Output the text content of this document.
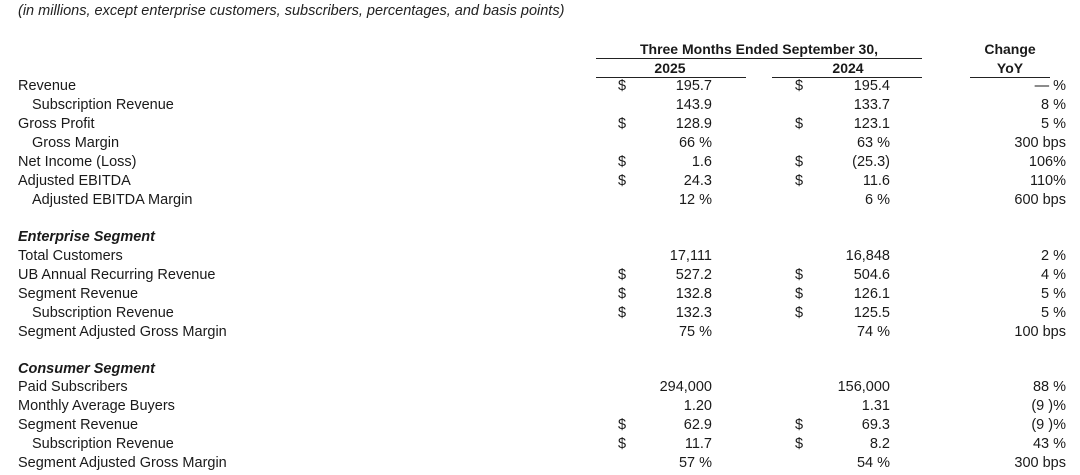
(in millions, except enterprise customers, subscribers, percentages, and basis points)
Three Months Ended September 30,
2025	2024
Change
YoY
Revenue	$	195.7	$	195.4	— %
Subscription Revenue	143.9	133.7	8 %
Gross Profit	$	128.9	$	123.1	5 %
Gross Margin	66 %	63 %	300 bps
Net Income (Loss)	$	1.6	$	(25.3)	106%
Adjusted EBITDA	$	24.3	$	11.6	110%
Adjusted EBITDA Margin	12 %	6 %	600 bps
Enterprise Segment
Total Customers	17,111	16,848	2 %
UB Annual Recurring Revenue	$	527.2	$	504.6	4 %
Segment Revenue	$	132.8	$	126.1	5 %
Subscription Revenue	$	132.3	$	125.5	5 %
Segment Adjusted Gross Margin	75 %	74 %	100 bps
Consumer Segment
Paid Subscribers	294,000	156,000	88 %
Monthly Average Buyers	1.20	1.31	(9 )%
Segment Revenue	$	62.9	$	69.3	(9 )%
Subscription Revenue	$	11.7	$	8.2	43 %
Segment Adjusted Gross Margin	57 %	54 %	300 bps
